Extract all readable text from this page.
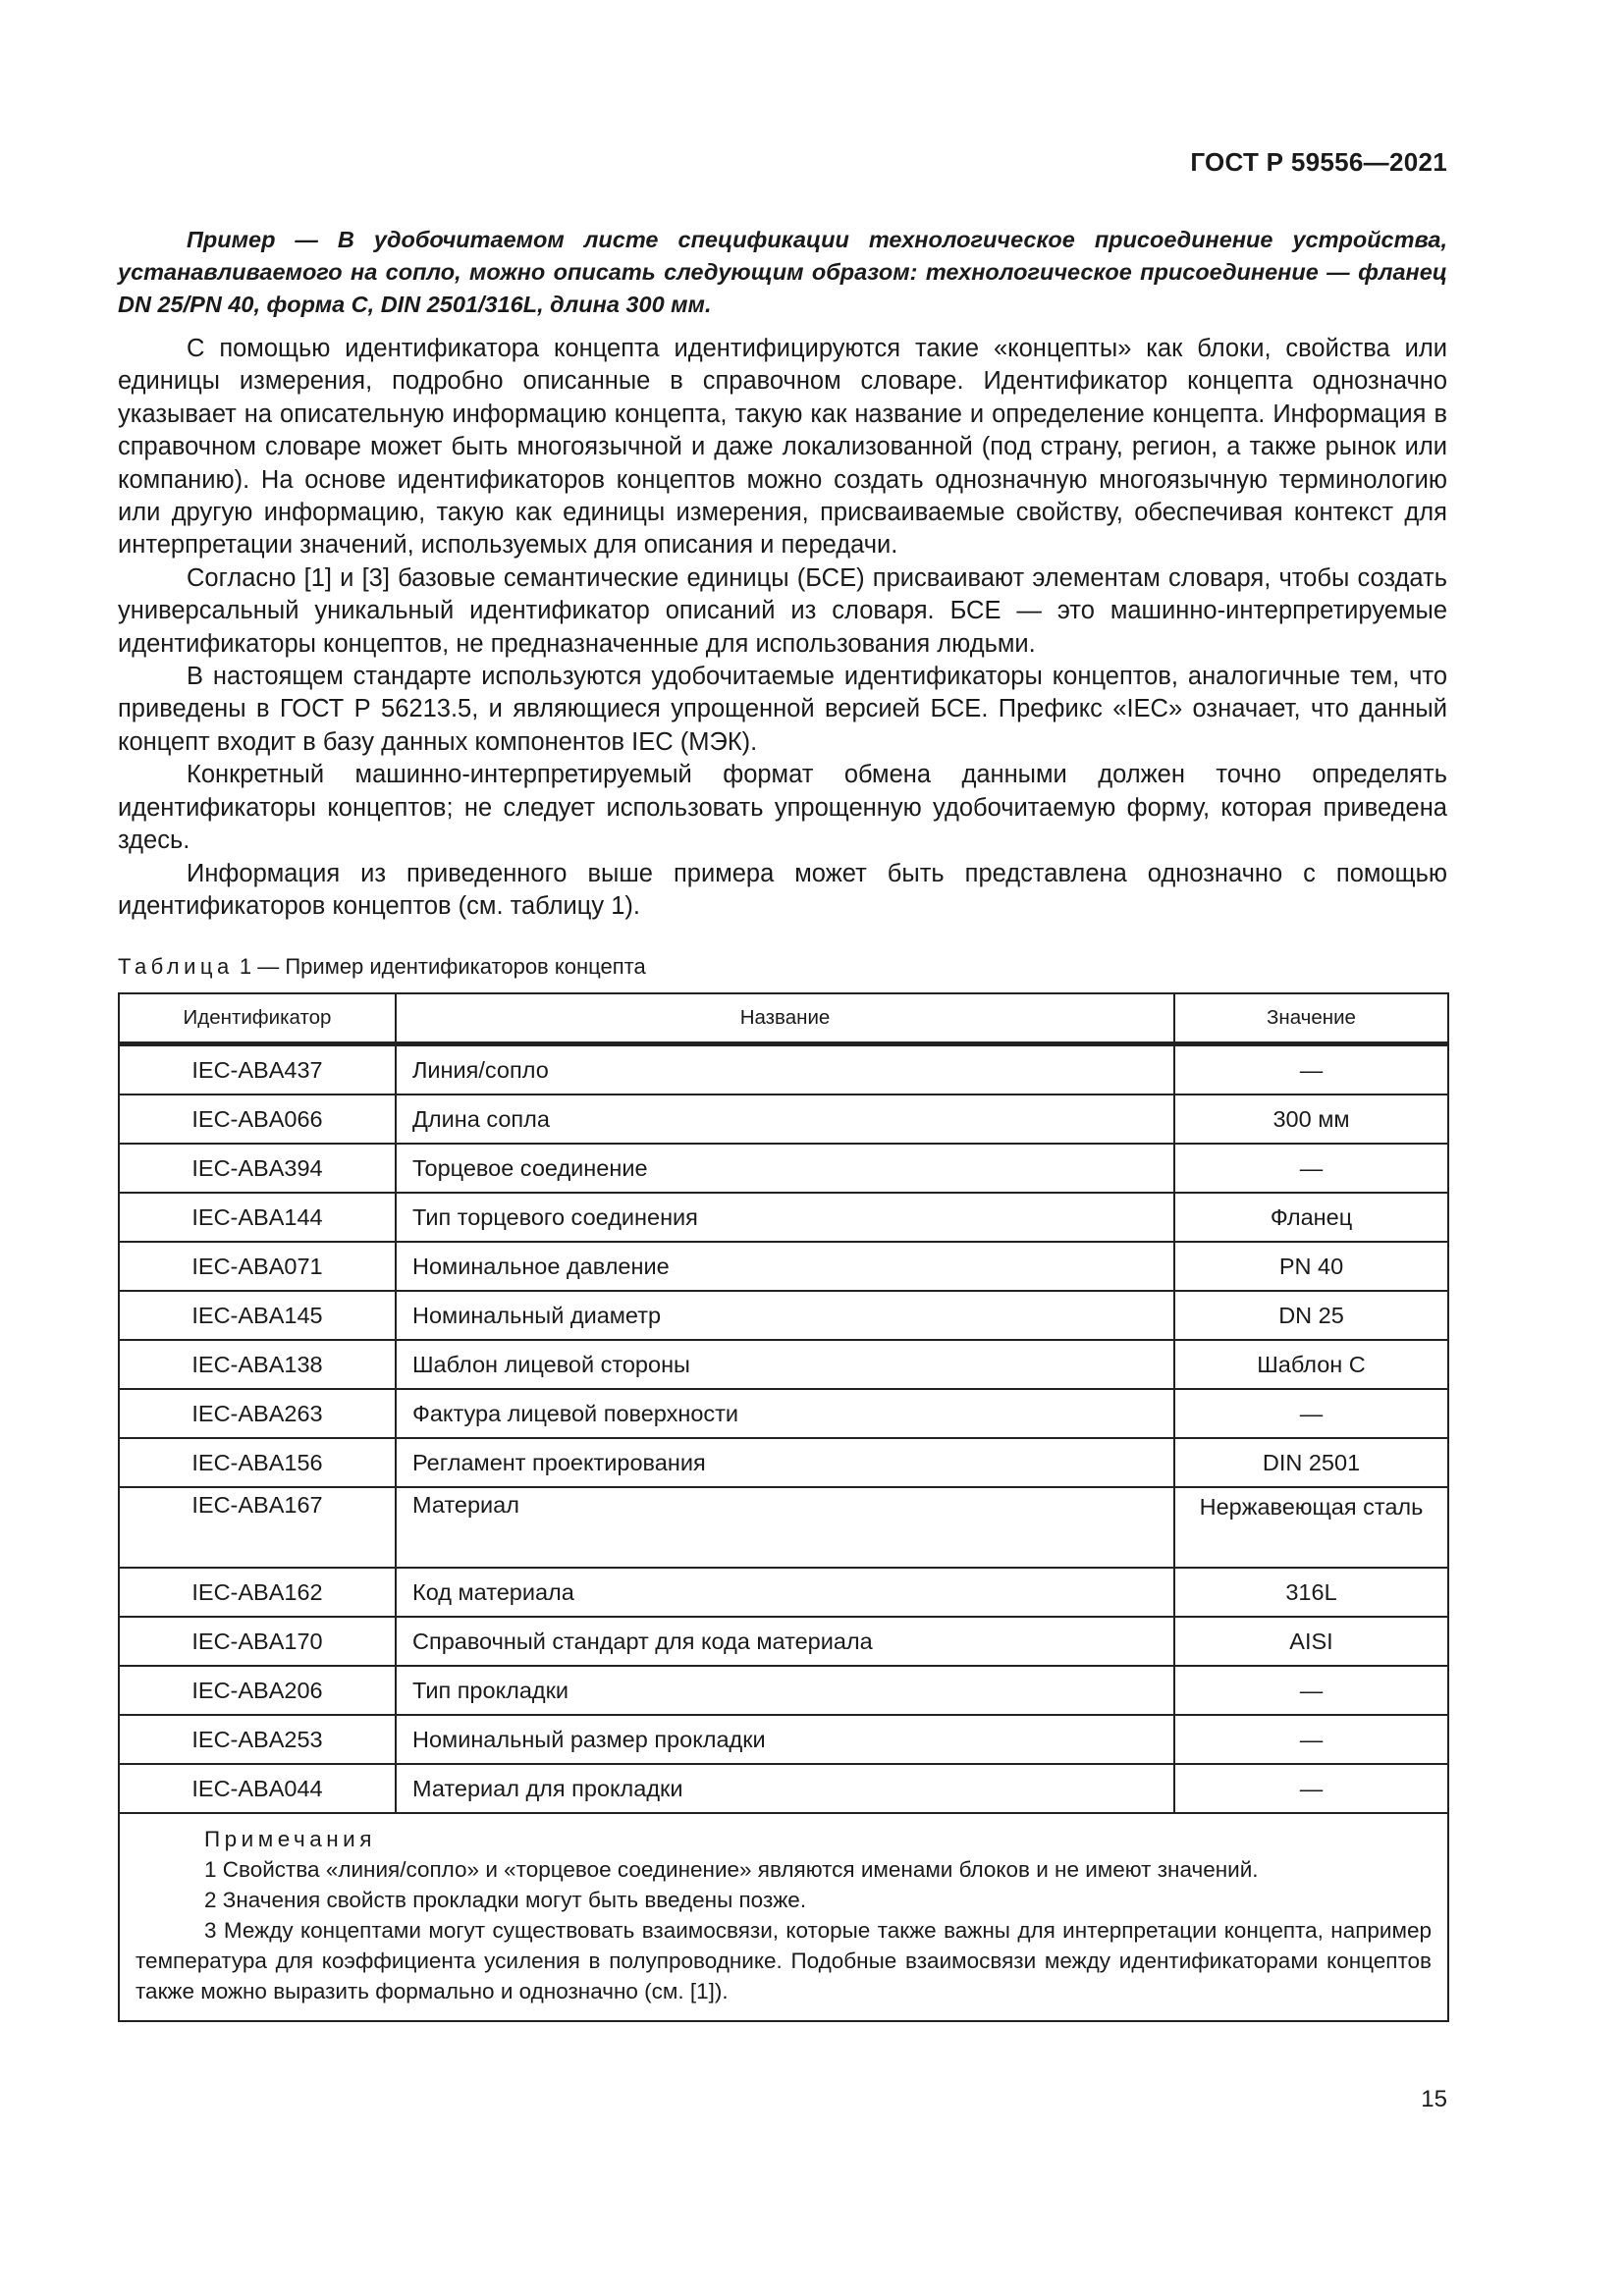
ГОСТ Р 59556—2021

Пример — В удобочитаемом листе спецификации технологическое присоединение устройства, устанавливаемого на сопло, можно описать следующим образом: технологическое присоединение — фланец DN 25/PN 40, форма С, DIN 2501/316L, длина 300 мм.

С помощью идентификатора концепта идентифицируются такие «концепты» как блоки, свойства или единицы измерения, подробно описанные в справочном словаре. Идентификатор концепта однозначно указывает на описательную информацию концепта, такую как название и определение концепта. Информация в справочном словаре может быть многоязычной и даже локализованной (под страну, регион, а также рынок или компанию). На основе идентификаторов концептов можно создать однозначную многоязычную терминологию или другую информацию, такую как единицы измерения, присваиваемые свойству, обеспечивая контекст для интерпретации значений, используемых для описания и передачи.

Согласно [1] и [3] базовые семантические единицы (БСЕ) присваивают элементам словаря, чтобы создать универсальный уникальный идентификатор описаний из словаря. БСЕ — это машинно-интерпретируемые идентификаторы концептов, не предназначенные для использования людьми.

В настоящем стандарте используются удобочитаемые идентификаторы концептов, аналогичные тем, что приведены в ГОСТ Р 56213.5, и являющиеся упрощенной версией БСЕ. Префикс «IEC» означает, что данный концепт входит в базу данных компонентов IEC (МЭК).

Конкретный машинно-интерпретируемый формат обмена данными должен точно определять идентификаторы концептов; не следует использовать упрощенную удобочитаемую форму, которая приведена здесь.

Информация из приведенного выше примера может быть представлена однозначно с помощью идентификаторов концептов (см. таблицу 1).

Таблица 1 — Пример идентификаторов концепта
Идентификатор	Название	Значение
IEC-ABA437	Линия/сопло	—
IEC-ABA066	Длина сопла	300 мм
IEC-ABA394	Торцевое соединение	—
IEC-ABA144	Тип торцевого соединения	Фланец
IEC-ABA071	Номинальное давление	PN 40
IEC-ABA145	Номинальный диаметр	DN 25
IEC-ABA138	Шаблон лицевой стороны	Шаблон С
IEC-ABA263	Фактура лицевой поверхности	—
IEC-ABA156	Регламент проектирования	DIN 2501
IEC-ABA167	Материал	Нержавеющая сталь
IEC-ABA162	Код материала	316L
IEC-ABA170	Справочный стандарт для кода материала	AISI
IEC-ABA206	Тип прокладки	—
IEC-ABA253	Номинальный размер прокладки	—
IEC-ABA044	Материал для прокладки	—

Примечания

1 Свойства «линия/сопло» и «торцевое соединение» являются именами блоков и не имеют значений.

2 Значения свойств прокладки могут быть введены позже.

3 Между концептами могут существовать взаимосвязи, которые также важны для интерпретации концепта, например температура для коэффициента усиления в полупроводнике. Подобные взаимосвязи между идентификаторами концептов также можно выразить формально и однозначно (см. [1]).		

15
